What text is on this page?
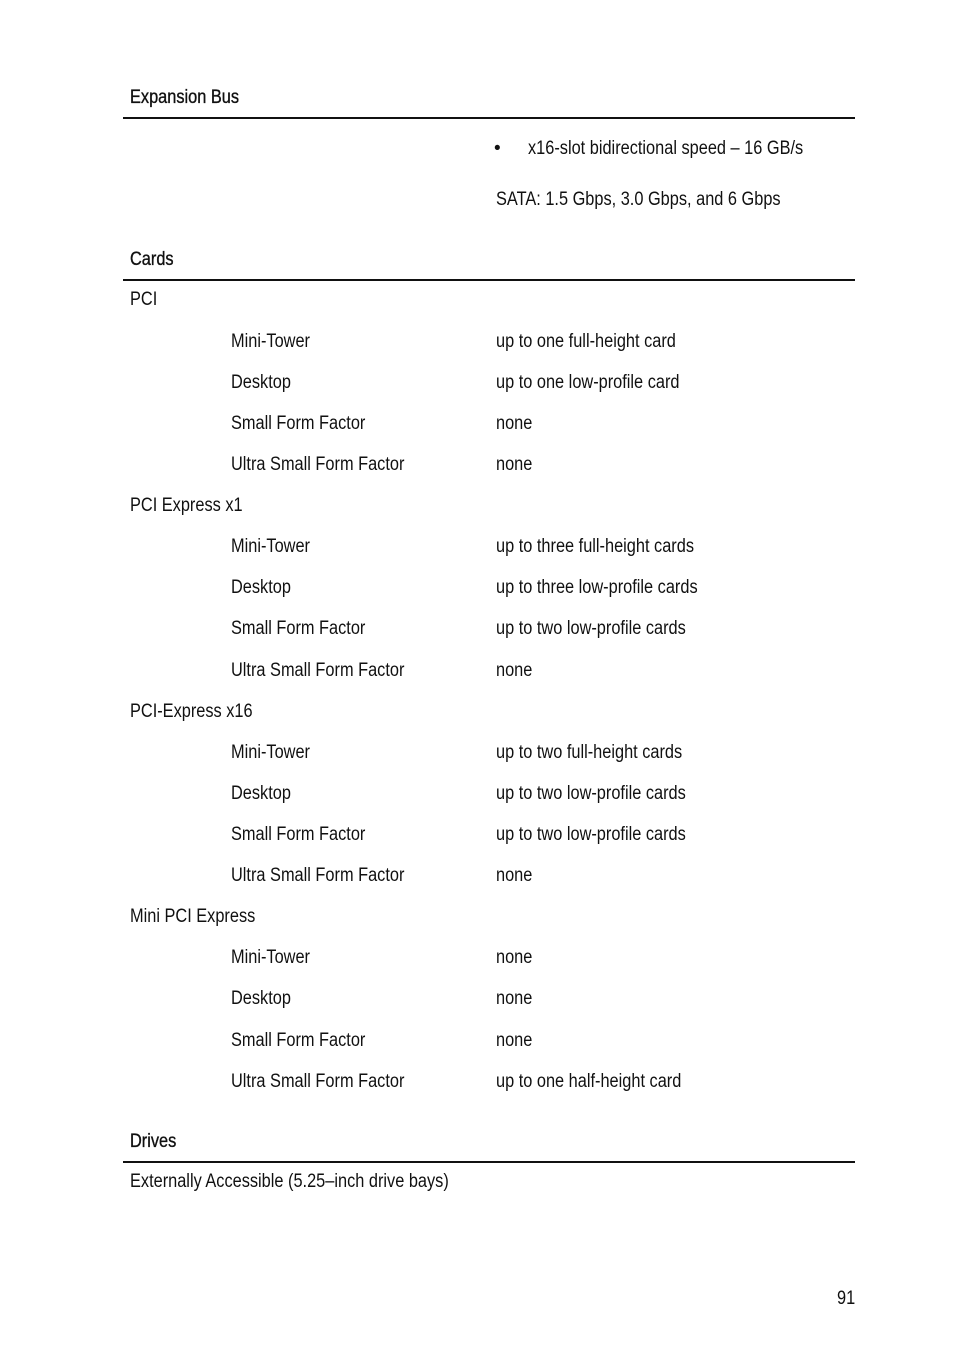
Expansion Bus
• x16-slot bidirectional speed – 16 GB/s
SATA: 1.5 Gbps, 3.0 Gbps, and 6 Gbps
Cards
PCI
Mini-Tower	up to one full-height card
Desktop	up to one low-profile card
Small Form Factor	none
Ultra Small Form Factor	none
PCI Express x1
Mini-Tower	up to three full-height cards
Desktop	up to three low-profile cards
Small Form Factor	up to two low-profile cards
Ultra Small Form Factor	none
PCI-Express x16
Mini-Tower	up to two full-height cards
Desktop	up to two low-profile cards
Small Form Factor	up to two low-profile cards
Ultra Small Form Factor	none
Mini PCI Express
Mini-Tower	none
Desktop	none
Small Form Factor	none
Ultra Small Form Factor	up to one half-height card
Drives
Externally Accessible (5.25–inch drive bays)
91
